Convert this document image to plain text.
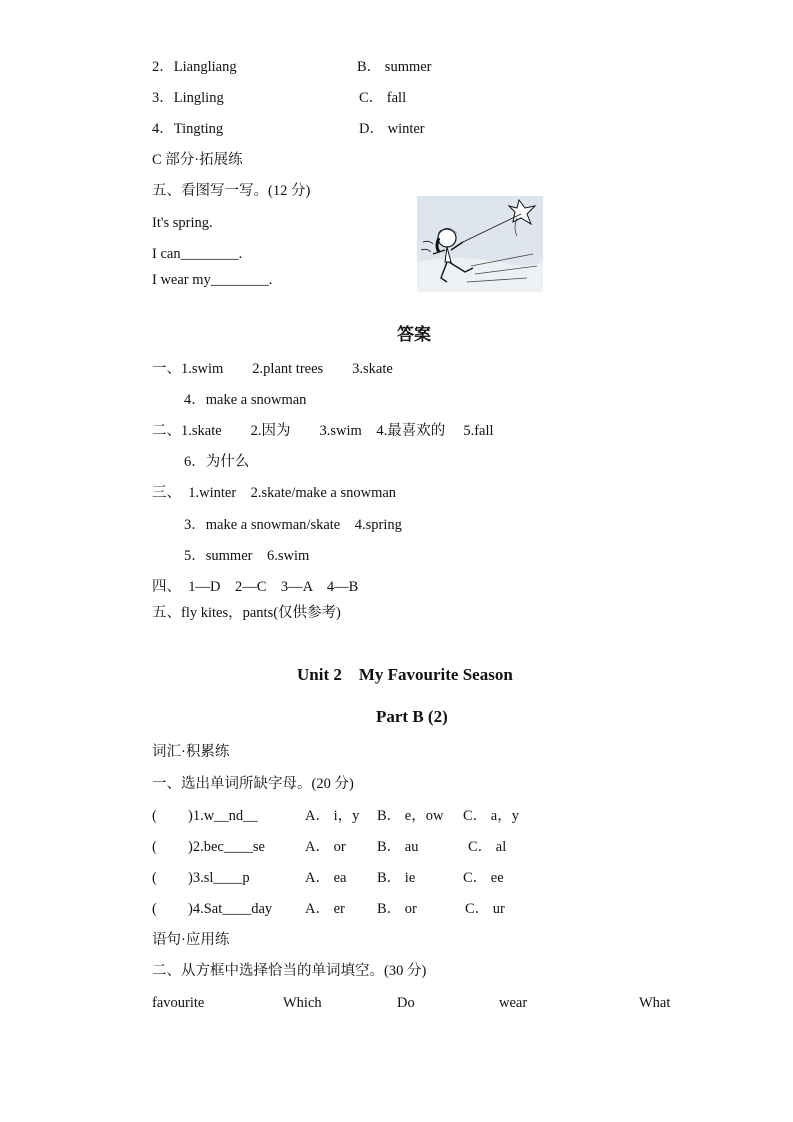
2．Liangliang	B． summer
3．Lingling	C． fall
4．Tingting	D． winter
C 部分·拓展练
五、看图写一写。(12 分)
It's spring.
I can________.
I wear my________.
答案
一、1.swim        2.plant trees        3.skate
4．make a snowman
二、1.skate        2.因为        3.swim    4.最喜欢的     5.fall
6．为什么
三、  1.winter    2.skate/make a snowman
3．make a snowman/skate    4.spring
5．summer    6.swim
四、  1—D    2—C    3—A    4—B
五、fly kites，pants(仅供参考)
Unit 2    My Favourite Season
Part B (2)
词汇·积累练
一、选出单词所缺字母。(20 分)
( )1.w__nd__	A． i，y B． e，ow C． a，y
( )2.bec____se	A． or B． au	C． al
( )3.sl____p	A． ea B． ie	C． ee
( )4.Sat____day A． er B． or	C． ur
语句·应用练
二、从方框中选择恰当的单词填空。(30 分)
favourite	Which	Do	wear	What
